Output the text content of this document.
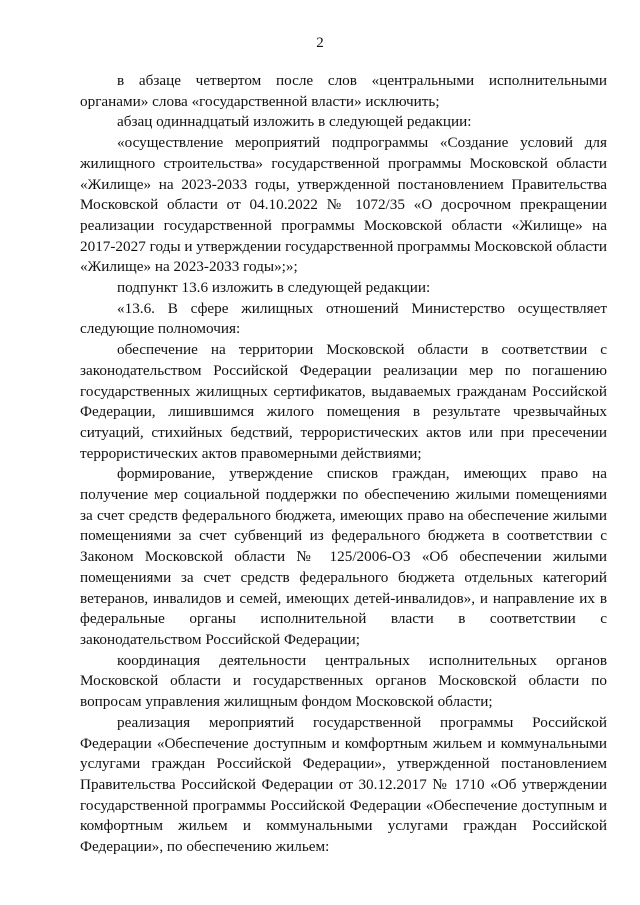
2

в абзаце четвертом после слов «центральными исполнительными органами» слова «государственной власти» исключить;

абзац одиннадцатый изложить в следующей редакции:

«осуществление мероприятий подпрограммы «Создание условий для жилищного строительства» государственной программы Московской области «Жилище» на 2023-2033 годы, утвержденной постановлением Правительства Московской области от 04.10.2022 № 1072/35 «О досрочном прекращении реализации государственной программы Московской области «Жилище» на 2017-2027 годы и утверждении государственной программы Московской области «Жилище» на 2023-2033 годы»;»;

подпункт 13.6 изложить в следующей редакции:

«13.6. В сфере жилищных отношений Министерство осуществляет следующие полномочия:

обеспечение на территории Московской области в соответствии с законодательством Российской Федерации реализации мер по погашению государственных жилищных сертификатов, выдаваемых гражданам Российской Федерации, лишившимся жилого помещения в результате чрезвычайных ситуаций, стихийных бедствий, террористических актов или при пресечении террористических актов правомерными действиями;

формирование, утверждение списков граждан, имеющих право на получение мер социальной поддержки по обеспечению жилыми помещениями за счет средств федерального бюджета, имеющих право на обеспечение жилыми помещениями за счет субвенций из федерального бюджета в соответствии с Законом Московской области № 125/2006-ОЗ «Об обеспечении жилыми помещениями за счет средств федерального бюджета отдельных категорий ветеранов, инвалидов и семей, имеющих детей-инвалидов», и направление их в федеральные органы исполнительной власти в соответствии с законодательством Российской Федерации;

координация деятельности центральных исполнительных органов Московской области и государственных органов Московской области по вопросам управления жилищным фондом Московской области;

реализация мероприятий государственной программы Российской Федерации «Обеспечение доступным и комфортным жильем и коммунальными услугами граждан Российской Федерации», утвержденной постановлением Правительства Российской Федерации от 30.12.2017 № 1710 «Об утверждении государственной программы Российской Федерации «Обеспечение доступным и комфортным жильем и коммунальными услугами граждан Российской Федерации», по обеспечению жильем:
